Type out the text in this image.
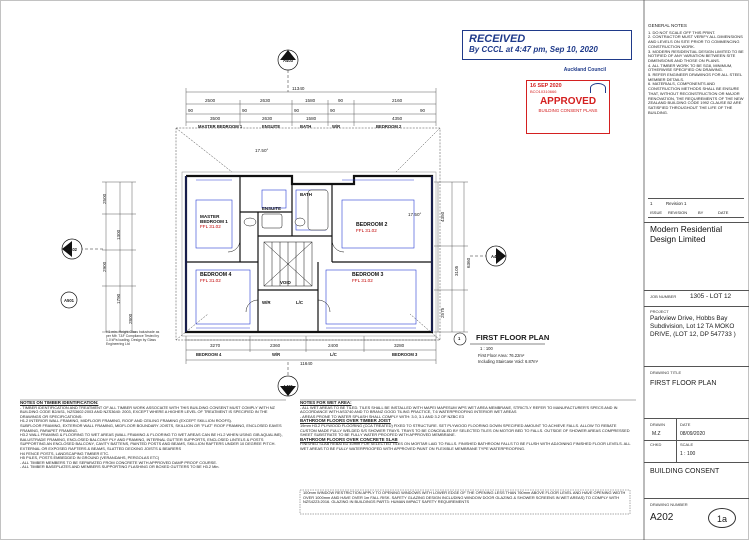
RECEIVED
By CCCL at 4:47 pm, Sep 10, 2020
Auckland Council
16 SEP 2020
BCO10310666
APPROVED
BUILDING CONSENT PLANS
A403
A401
A402
A404
A501
11340
2500	2630	1580	90	2160
90	90	90	90	90
3500	2630	1580	4350
MASTER BEDROOM 1	ENSUITE	BATH	W/R	BEDROOM 2
17.50°
17.50°
MASTER BEDROOM 1
FFL 31.02	BEDROOM 2
FFL 31.02
BEDROOM 4
FFL 31.02
BEDROOM 3
FFL 31.02
ENSUITE
BATH
VOID
W/R	L/C
2500
1300
2900
1790
2800
4350
3105
2575
6360
3270	2360	2400	3280
BEDROOM 4	W/R	L/C	BEDROOM 3
11640
H1 min. Height Glass balustrade as per Mfr. T&F Compliance Tested by 1.0 kPa loading. Design by Glass Engineering Ltd
1 FIRST FLOOR PLAN
1 : 100
First Floor Area: 76.22m²
Including Staircase Void: 6.87m²
NOTES ON TIMBER IDENTIFICATION:
- TIMBER IDENTIFICATION AND TREATMENT OF ALL TIMBER WORK ASSOCIATE WITH THIS BUILDING CONSENT MUST COMPLY WITH NZ BUILDING CODE B2/AS1, NZS3602:2003 AND NZS3640: 2003, EXCEPT WHERE A HIGHER LEVEL OF TREATMENT IS SPECIFIED IN THE DRAWINGS OR SPECIFICATIONS:
H1.2 INTERIOR WALL FRAMING, MIDFLOOR FRAMING, ROOF AND CEILING FRAMING (EXCEPT SKILLION ROOFS).
SUBFLOOR FRAMING, EXTERIOR WALL FRAMING, MIDFLOOR BOUNDARY JOISTS, SKILLION OR "FLAT" ROOF FRAMING, ENCLOSED EAVES FRAMING, PARAPET FRAMING.
H3.2 WALL FRAMING & FLOORING TO WET AREAS (WALL FRAMING & FLOORING TO WET AREAS CAN BE H1.2 WHEN USING GIB AQUALINE), BALUSTRADE FRAMING, ENCLOSED BALCONY PLY AND FRAMING, INTERNAL GUTTER SUPPORTS, ENCLOSED LINTELS & POSTS SUPPORTING AN ENCLOSED BALCONY, CAVITY BATTENS, PAINTED POSTS AND BEAMS, SKILLION RAFTERS UNDER 10 DEGREE PITCH.
EXTERNAL OR EXPOSED RAFTERS & BEAMS, SLATTED DECKING JOISTS & BEARERS
H4 FENCE POSTS, LANDSCAPING TIMBER ETC.
H5 PILES, POSTS EMBEDDED IN GROUND (VERANDAHS, PERGOLAS ETC)
- ALL TIMBER MEMBERS TO BE SEPARATED FROM CONCRETE WITH APPROVED DAMP PROOF COURSE.
- ALL TIMBER BASEPLATES AND MEMBERS SUPPORTING FLASHING OR BOXED GUTTERS TO BE H3.2 Min.
NOTES FOR WET AREA:
- ALL WET AREAS TO BE TILED. TILES SHALL BE INSTALLED WITH MAPEI MAPESUM WPS WET AREA MEMBRANE, STRICTLY REFER TO MANUFACTURER'S SPECS AND IN ACCORDANCE WITH AS3740 AND TO BRANZ GOOD TILING PRACTICE, T.6 WATERPROOFING INTERIOR WET AREAS
- AREAS PRONE TO WATER SPLASH SHALL COMPLY WITH: 3.0, 3.1 AND 3.2 OF NZBC E3
BATHROOM FLOORS OVER TIMBER JOIST
19mm H3.2 PLYWOOD FLOORING (CCA TREATED) FIXED TO STRUCTURE. SET PLYWOOD FLOORING DOWN SPECIFIED AMOUNT TO ACHIEVE FALLS. ALLOW TO REBATE CUSTOM MADE FULLY WELDED S/S SHOWER TRAYS. TRAYS TO BE CONCEALED BY SELECTED TILES ON MOTOR BED TO FALLS. OUTSIDE OF SHOWER AREAS COMPRESSED SHEET SUBSTRATE TO BE FULLY WATER PROOFED WITH APPROVED MEMBRANE.
BATHROOM FLOORS OVER CONCRETE SLAB
FINISHED SLAB REBATED 40mm FOR SELECTED TILES ON MORTAR LAID TO FALLS. FINISHED BATHROOM FALLS TO BE FLUSH WITH ADJOINING FINISHED FLOOR LEVELS. ALL WET AREAS TO BE FULLY WATERPROOFED WITH APPROVED PAINT ON FLEXIBLE MEMBRANE TYPE WATERPROOFING.
100mm WINDOW RESTRICTION APPLY TO OPENING WINDOWS WITH LOWER EDGE OF THE OPENING LESS THAN 760mm ABOVE FLOOR LEVEL AND HAVE OPENING WIDTH OVER 1000mm AND HAVE OVER 1m FALL RISK. SAFETY GLAZING DESIGN INCLUDING WINDOW DOOR GLAZING & SHOWER SCREENS IN WET AREAS) TO COMPLY WITH NZS4223:2016. GLAZING IN BUILDINGS PART3: HUMAN IMPACT SAFETY REQUIREMENTS
GENERAL NOTES
1. DO NOT SCALE OFF THIS PRINT.
2. CONTRACTOR MUST VERIFY ALL DIMENSIONS AND LEVELS ON SITE PRIOR TO COMMENCING CONSTRUCTION WORK.
3. MODERN RESIDENTIAL DESIGN LIMITED TO BE NOTIFIED OF ANY VARIATION BETWEEN SITE DIMENSIONS AND THOSE ON PLANS.
4. ALL TIMBER WORK TO BE SG8, MINIMUM, OTHERWISE SPECIFIED ON DRAWING.
5. REFER ENGINEER DRAWINGS FOR ALL STEEL MEMBER DETAILS.
6. MATERIALS, COMPONENTS AND CONSTRUCTION METHODS SHALL BE ENSURE THAT, WITHOUT RECONSTRUCTION OR MAJOR RENOVATION, THE REQUIREMENTS OF THE NEW ZEALAND BUILDING CODE 1992 CLAUSE B2 ARE SATISFIED THROUGHOUT THE LIFE OF THE BUILDING.
1	Revision 1
ISSUE REVISION	BY	DATE
Modern Residential Design Limited
JOB NUMBER 1305 - LOT 12
PROJECT
Parkview Drive, Hobbs Bay Subdivision, Lot 12 TA MOKO DRIVE, (LOT 12, DP 547733 )
DRAWING TITLE
FIRST FLOOR PLAN
DRAWN
M.Z
DATE
08/09/2020
CHKD	SCALE
1 : 100
BUILDING CONSENT
DRAWING NUMBER
A202	1a
